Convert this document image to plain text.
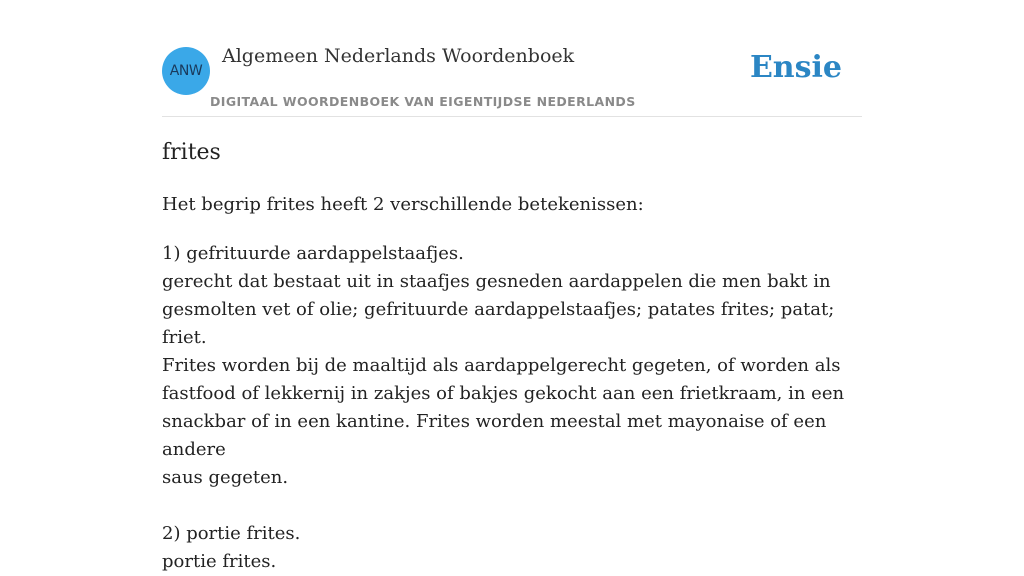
ANW
Algemeen Nederlands Woordenboek
DIGITAAL WOORDENBOEK VAN EIGENTIJDSE NEDERLANDS
Ensie
frites
Het begrip frites heeft 2 verschillende betekenissen:

1) gefrituurde aardappelstaafjes.

gerecht dat bestaat uit in staafjes gesneden aardappelen die men bakt in

gesmolten vet of olie; gefrituurde aardappelstaafjes; patates frites; patat; friet.

Frites worden bij de maaltijd als aardappelgerecht gegeten, of worden als

fastfood of lekkernij in zakjes of bakjes gekocht aan een frietkraam, in een

snackbar of in een kantine. Frites worden meestal met mayonaise of een andere

saus gegeten.

2) portie frites.

portie frites.
